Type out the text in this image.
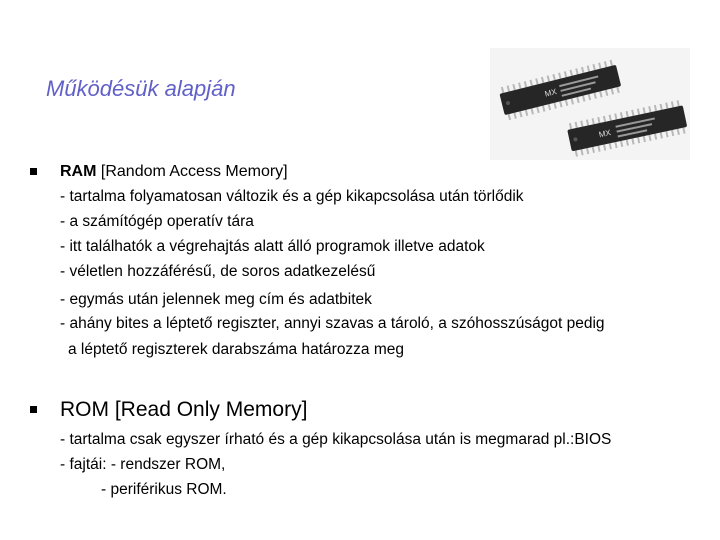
Működésük alapján	MX
MX
RAM [Random Access Memory]
- tartalma folyamatosan változik és a gép kikapcsolása után törlődik
- a számítógép operatív tára
- itt találhatók a végrehajtás alatt álló programok illetve adatok
- véletlen hozzáférésű, de soros adatkezelésű
- egymás után jelennek meg cím és adatbitek
- ahány bites a léptető regiszter, annyi szavas a tároló, a szóhosszúságot pedig
a léptető regiszterek darabszáma határozza meg
ROM [Read Only Memory]
- tartalma csak egyszer írható és a gép kikapcsolása után is megmarad pl.:BIOS
- fajtái: - rendszer ROM,
- periférikus ROM.
